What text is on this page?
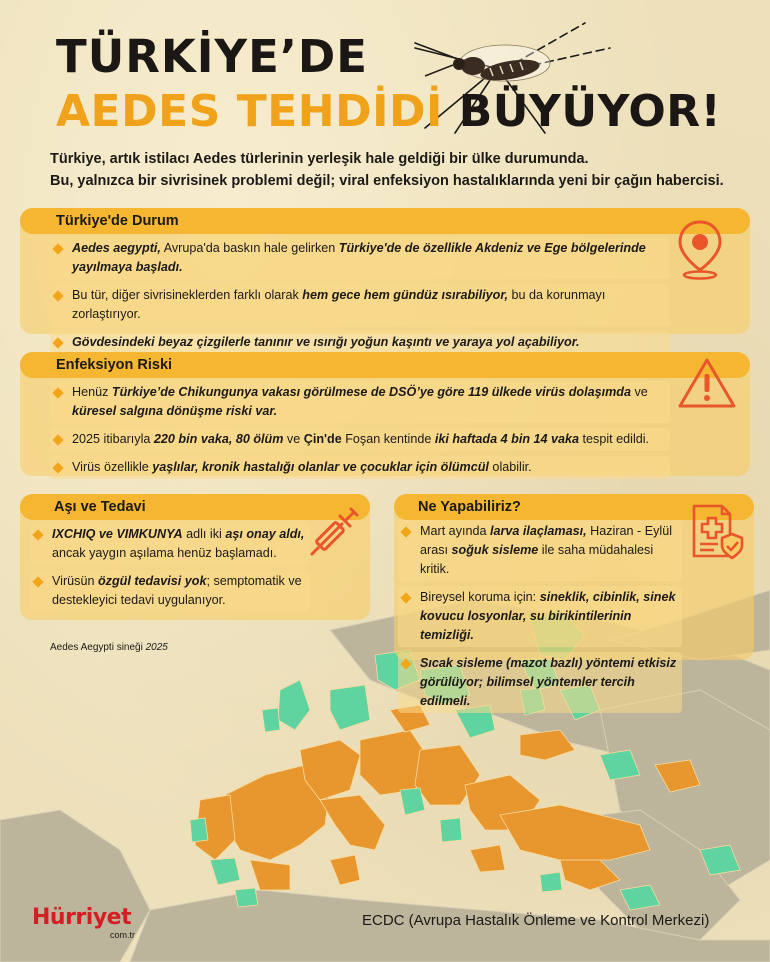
TÜRKİYE’DE
AEDES TEHDİDİ BÜYÜYOR!

Türkiye, artık istilacı Aedes türlerinin yerleşik hale geldiği bir ülke durumunda.

Bu, yalnızca bir sivrisinek problemi değil; viral enfeksiyon hastalıklarında yeni bir çağın habercisi.

Türkiye'de Durum
Aedes aegypti, Avrupa'da baskın hale gelirken Türkiye'de de özellikle Akdeniz ve Ege bölgelerinde yayılmaya başladı.
Bu tür, diğer sivrisineklerden farklı olarak hem gece hem gündüz ısırabiliyor, bu da korunmayı zorlaştırıyor.
Gövdesindeki beyaz çizgilerle tanınır ve ısırığı yoğun kaşıntı ve yaraya yol açabiliyor.
Enfeksiyon Riski
Henüz Türkiye’de Chikungunya vakası görülmese de DSÖ’ye göre 119 ülkede virüs dolaşımda ve küresel salgına dönüşme riski var.
2025 itibarıyla 220 bin vaka, 80 ölüm ve Çin'de Foşan kentinde iki haftada 4 bin 14 vaka tespit edildi.
Virüs özellikle yaşlılar, kronik hastalığı olanlar ve çocuklar için ölümcül olabilir.
Aşı ve Tedavi
IXCHIQ ve VIMKUNYA adlı iki aşı onay aldı, ancak yaygın aşılama henüz başlamadı.
Virüsün özgül tedavisi yok; semptomatik ve destekleyici tedavi uygulanıyor.
Ne Yapabiliriz?
Mart ayında larva ilaçlaması, Haziran - Eylül arası soğuk sisleme ile saha müdahalesi kritik.
Bireysel koruma için: sineklik, cibinlik, sinek kovucu losyonlar, su birikintilerinin temizliği.
Sıcak sisleme (mazot bazlı) yöntemi etkisiz görülüyor; bilimsel yöntemler tercih edilmeli.
Aedes Aegypti sineği 2025
Hürriyet
com.tr
ECDC (Avrupa Hastalık Önleme ve Kontrol Merkezi)
